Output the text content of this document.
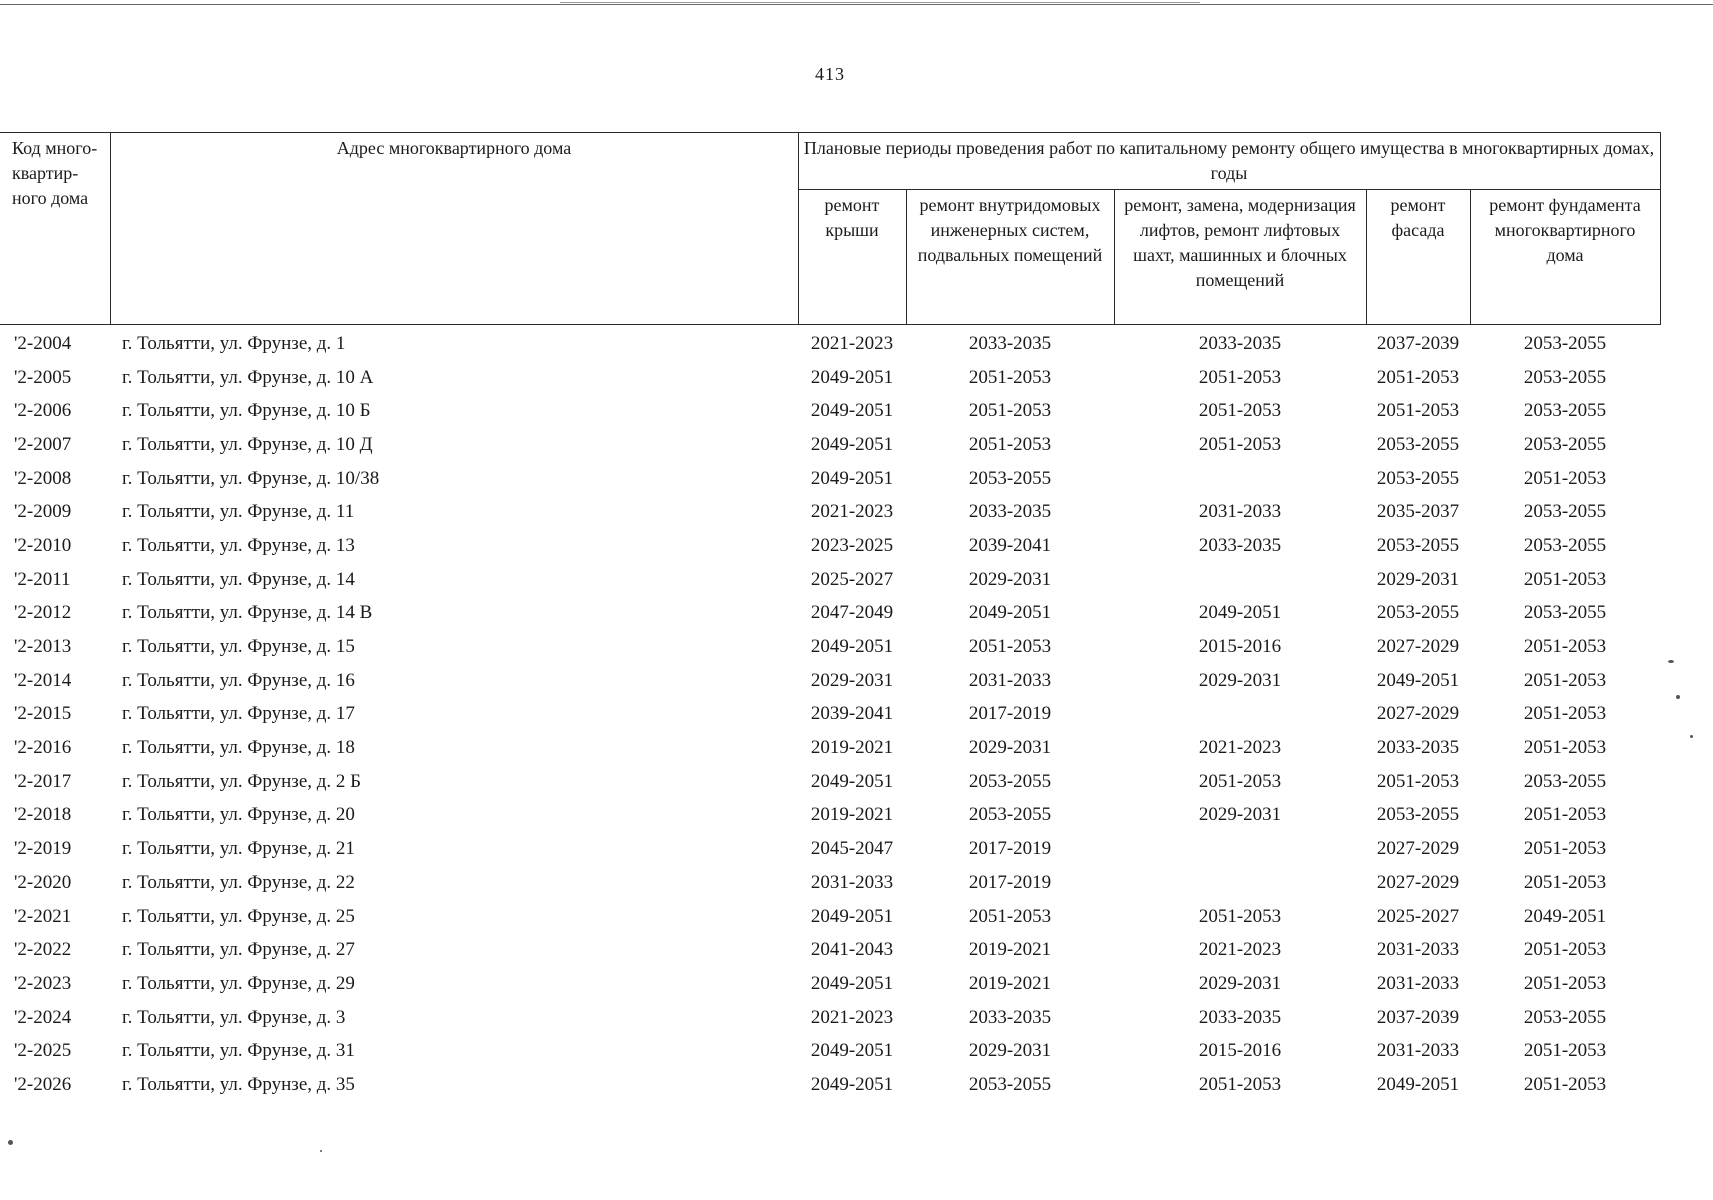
413
Код много-квартир-ного дома	Адрес многоквартирного дома	Плановые периоды проведения работ по капитальному ремонту общего имущества в многоквартирных домах, годы				
		ремонт крыши	ремонт внутридомовых инженерных систем, подвальных помещений	ремонт, замена, модернизация лифтов, ремонт лифтовых шахт, машинных и блочных помещений	ремонт фасада	ремонт фундамента многоквартирного дома
'2-2004	г. Тольятти, ул. Фрунзе, д. 1	2021-2023	2033-2035	2033-2035	2037-2039	2053-2055
'2-2005	г. Тольятти, ул. Фрунзе, д. 10 А	2049-2051	2051-2053	2051-2053	2051-2053	2053-2055
'2-2006	г. Тольятти, ул. Фрунзе, д. 10 Б	2049-2051	2051-2053	2051-2053	2051-2053	2053-2055
'2-2007	г. Тольятти, ул. Фрунзе, д. 10 Д	2049-2051	2051-2053	2051-2053	2053-2055	2053-2055
'2-2008	г. Тольятти, ул. Фрунзе, д. 10/38	2049-2051	2053-2055		2053-2055	2051-2053
'2-2009	г. Тольятти, ул. Фрунзе, д. 11	2021-2023	2033-2035	2031-2033	2035-2037	2053-2055
'2-2010	г. Тольятти, ул. Фрунзе, д. 13	2023-2025	2039-2041	2033-2035	2053-2055	2053-2055
'2-2011	г. Тольятти, ул. Фрунзе, д. 14	2025-2027	2029-2031		2029-2031	2051-2053
'2-2012	г. Тольятти, ул. Фрунзе, д. 14 В	2047-2049	2049-2051	2049-2051	2053-2055	2053-2055
'2-2013	г. Тольятти, ул. Фрунзе, д. 15	2049-2051	2051-2053	2015-2016	2027-2029	2051-2053
'2-2014	г. Тольятти, ул. Фрунзе, д. 16	2029-2031	2031-2033	2029-2031	2049-2051	2051-2053
'2-2015	г. Тольятти, ул. Фрунзе, д. 17	2039-2041	2017-2019		2027-2029	2051-2053
'2-2016	г. Тольятти, ул. Фрунзе, д. 18	2019-2021	2029-2031	2021-2023	2033-2035	2051-2053
'2-2017	г. Тольятти, ул. Фрунзе, д. 2 Б	2049-2051	2053-2055	2051-2053	2051-2053	2053-2055
'2-2018	г. Тольятти, ул. Фрунзе, д. 20	2019-2021	2053-2055	2029-2031	2053-2055	2051-2053
'2-2019	г. Тольятти, ул. Фрунзе, д. 21	2045-2047	2017-2019		2027-2029	2051-2053
'2-2020	г. Тольятти, ул. Фрунзе, д. 22	2031-2033	2017-2019		2027-2029	2051-2053
'2-2021	г. Тольятти, ул. Фрунзе, д. 25	2049-2051	2051-2053	2051-2053	2025-2027	2049-2051
'2-2022	г. Тольятти, ул. Фрунзе, д. 27	2041-2043	2019-2021	2021-2023	2031-2033	2051-2053
'2-2023	г. Тольятти, ул. Фрунзе, д. 29	2049-2051	2019-2021	2029-2031	2031-2033	2051-2053
'2-2024	г. Тольятти, ул. Фрунзе, д. 3	2021-2023	2033-2035	2033-2035	2037-2039	2053-2055
'2-2025	г. Тольятти, ул. Фрунзе, д. 31	2049-2051	2029-2031	2015-2016	2031-2033	2051-2053
'2-2026	г. Тольятти, ул. Фрунзе, д. 35	2049-2051	2053-2055	2051-2053	2049-2051	2051-2053
